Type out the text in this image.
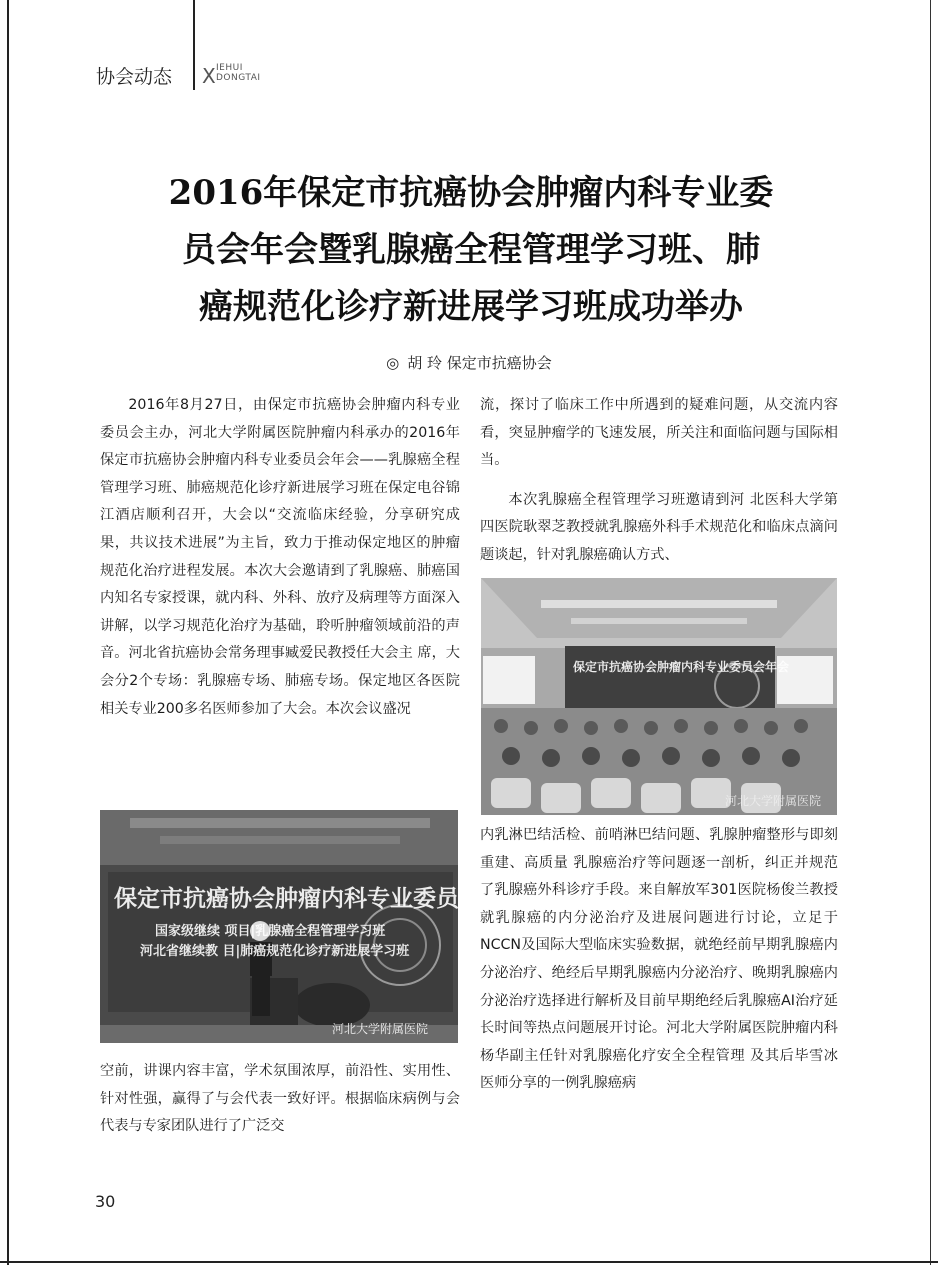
协会动态 X IEHUI
DONGTAI
2016年保定市抗癌协会肿瘤内科专业委
员会年会暨乳腺癌全程管理学习班、肺
癌规范化诊疗新进展学习班成功举办
◎ 胡 玲 保定市抗癌协会

2016年8月27日，由保定市抗癌协会肿瘤内科专业委员会主办，河北大学附属医院肿瘤内科承办的2016年保定市抗癌协会肿瘤内科专业委员会年会——乳腺癌全程管理学习班、肺癌规范化诊疗新进展学习班在保定电谷锦江酒店顺利召开，大会以“交流临床经验，分享研究成果，共议技术进展”为主旨，致力于推动保定地区的肿瘤规范化治疗进程发展。本次大会邀请到了乳腺癌、肺癌国内知名专家授课，就内科、外科、放疗及病理等方面深入讲解，以学习规范化治疗为基础，聆听肿瘤领域前沿的声音。河北省抗癌协会常务理事臧爱民教授任大会主 席，大会分2个专场：乳腺癌专场、肺癌专场。保定地区各医院相关专业200多名医师参加了大会。本次会议盛况

保定市抗癌协会肿瘤内科专业委员会年会
国家级继续 项目|乳腺癌全程管理学习班
河北省继续教 目|肺癌规范化诊疗新进展学习班
河北大学附属医院

空前，讲课内容丰富，学术氛围浓厚，前沿性、实用性、针对性强，赢得了与会代表一致好评。根据临床病例与会代表与专家团队进行了广泛交

流，探讨了临床工作中所遇到的疑难问题，从交流内容看，突显肿瘤学的飞速发展，所关注和面临问题与国际相当。

本次乳腺癌全程管理学习班邀请到河 北医科大学第四医院耿翠芝教授就乳腺癌外科手术规范化和临床点滴问题谈起，针对乳腺癌确认方式、

保定市抗癌协会肿瘤内科专业委员会年会
河北大学附属医院

内乳淋巴结活检、前哨淋巴结问题、乳腺肿瘤整形与即刻重建、高质量 乳腺癌治疗等问题逐一剖析，纠正并规范了乳腺癌外科诊疗手段。来自解放军301医院杨俊兰教授就乳腺癌的内分泌治疗及进展问题进行讨论，立足于NCCN及国际大型临床实验数据，就绝经前早期乳腺癌内分泌治疗、绝经后早期乳腺癌内分泌治疗、晚期乳腺癌内分泌治疗选择进行解析及目前早期绝经后乳腺癌AI治疗延长时间等热点问题展开讨论。河北大学附属医院肿瘤内科杨华副主任针对乳腺癌化疗安全全程管理 及其后毕雪冰医师分享的一例乳腺癌病

30
